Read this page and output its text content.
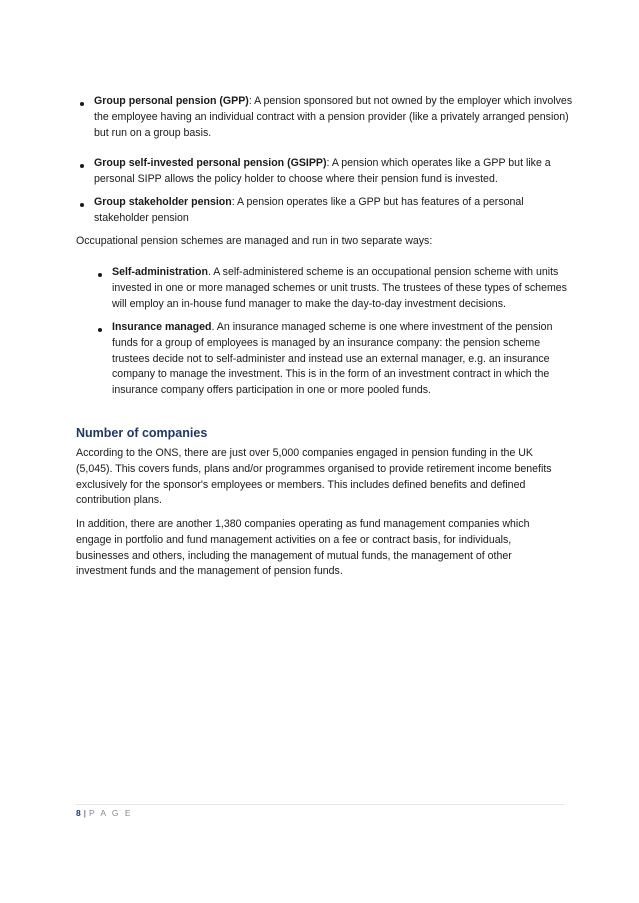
Group personal pension (GPP): A pension sponsored but not owned by the employer which involves the employee having an individual contract with a pension provider (like a privately arranged pension) but run on a group basis.

Group self-invested personal pension (GSIPP): A pension which operates like a GPP but like a personal SIPP allows the policy holder to choose where their pension fund is invested.

Group stakeholder pension: A pension operates like a GPP but has features of a personal stakeholder pension

Occupational pension schemes are managed and run in two separate ways:

Self-administration. A self-administered scheme is an occupational pension scheme with units invested in one or more managed schemes or unit trusts. The trustees of these types of schemes will employ an in-house fund manager to make the day-to-day investment decisions.

Insurance managed. An insurance managed scheme is one where investment of the pension funds for a group of employees is managed by an insurance company: the pension scheme trustees decide not to self-administer and instead use an external manager, e.g. an insurance company to manage the investment. This is in the form of an investment contract in which the insurance company offers participation in one or more pooled funds.

Number of companies

According to the ONS, there are just over 5,000 companies engaged in pension funding in the UK (5,045). This covers funds, plans and/or programmes organised to provide retirement income benefits exclusively for the sponsor's employees or members. This includes defined benefits and defined contribution plans.

In addition, there are another 1,380 companies operating as fund management companies which engage in portfolio and fund management activities on a fee or contract basis, for individuals, businesses and others, including the management of mutual funds, the management of other investment funds and the management of pension funds.

8 | P A G E
